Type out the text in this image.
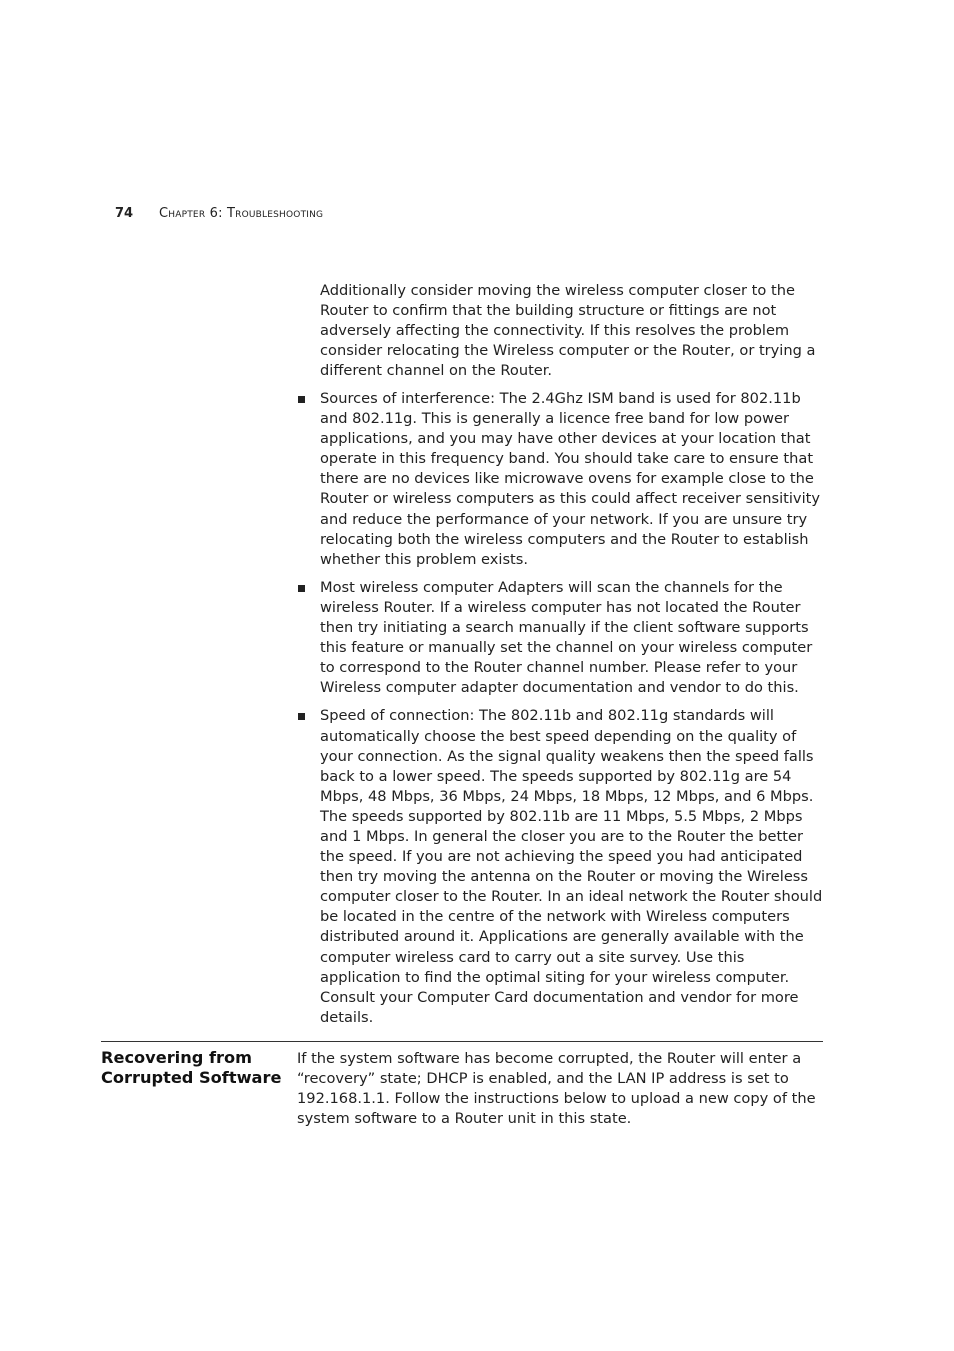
74 Chapter 6: Troubleshooting

Additionally consider moving the wireless computer closer to the Router to confirm that the building structure or fittings are not adversely affecting the connectivity. If this resolves the problem consider relocating the Wireless computer or the Router, or trying a different channel on the Router.

Sources of interference: The 2.4Ghz ISM band is used for 802.11b and 802.11g. This is generally a licence free band for low power applications, and you may have other devices at your location that operate in this frequency band. You should take care to ensure that there are no devices like microwave ovens for example close to the Router or wireless computers as this could affect receiver sensitivity and reduce the performance of your network. If you are unsure try relocating both the wireless computers and the Router to establish whether this problem exists.

Most wireless computer Adapters will scan the channels for the wireless Router. If a wireless computer has not located the Router then try initiating a search manually if the client software supports this feature or manually set the channel on your wireless computer to correspond to the Router channel number. Please refer to your Wireless computer adapter documentation and vendor to do this.

Speed of connection: The 802.11b and 802.11g standards will automatically choose the best speed depending on the quality of your connection. As the signal quality weakens then the speed falls back to a lower speed. The speeds supported by 802.11g are 54 Mbps, 48 Mbps, 36 Mbps, 24 Mbps, 18 Mbps, 12 Mbps, and 6 Mbps. The speeds supported by 802.11b are 11 Mbps, 5.5 Mbps, 2 Mbps and 1 Mbps. In general the closer you are to the Router the better the speed. If you are not achieving the speed you had anticipated then try moving the antenna on the Router or moving the Wireless computer closer to the Router. In an ideal network the Router should be located in the centre of the network with Wireless computers distributed around it. Applications are generally available with the computer wireless card to carry out a site survey. Use this application to find the optimal siting for your wireless computer. Consult your Computer Card documentation and vendor for more details.

Recovering from Corrupted Software

If the system software has become corrupted, the Router will enter a “recovery” state; DHCP is enabled, and the LAN IP address is set to 192.168.1.1. Follow the instructions below to upload a new copy of the system software to a Router unit in this state.
